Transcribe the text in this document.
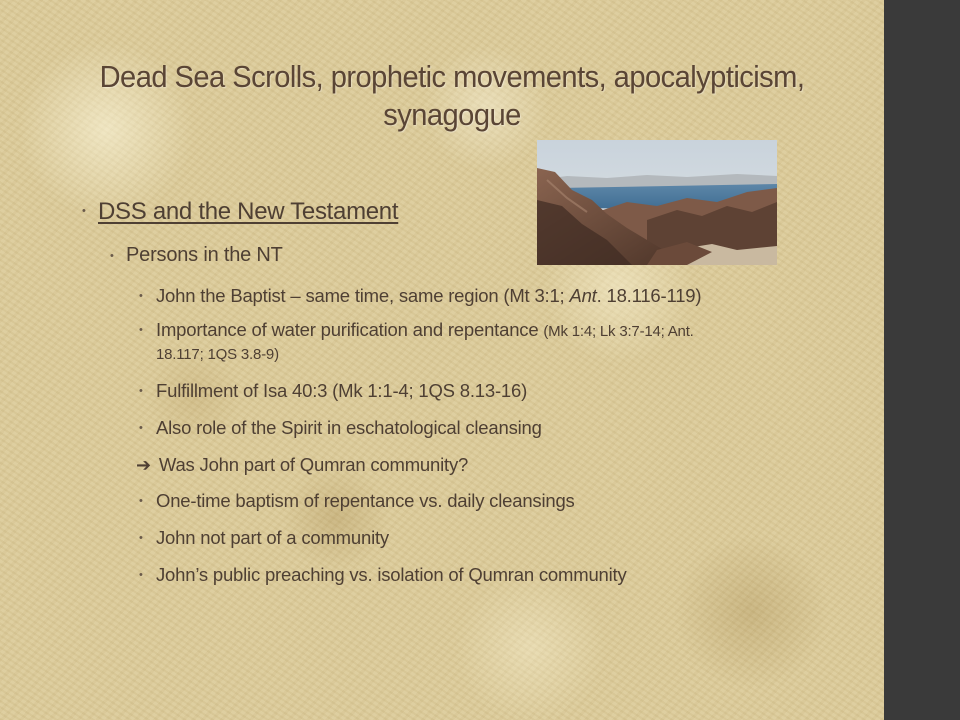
Dead Sea Scrolls, prophetic movements, apocalypticism, synagogue
• DSS and the New Testament
• Persons in the NT
• John the Baptist – same time, same region (Mt 3:1; Ant. 18.116-119)
• Importance of water purification and repentance (Mk 1:4; Lk 3:7-14; Ant.
18.117; 1QS 3.8-9)
• Fulfillment of Isa 40:3 (Mk 1:1-4; 1QS 8.13-16)
• Also role of the Spirit in eschatological cleansing
➔ Was John part of Qumran community?
• One-time baptism of repentance vs. daily cleansings
• John not part of a community
• John’s public preaching vs. isolation of Qumran community
